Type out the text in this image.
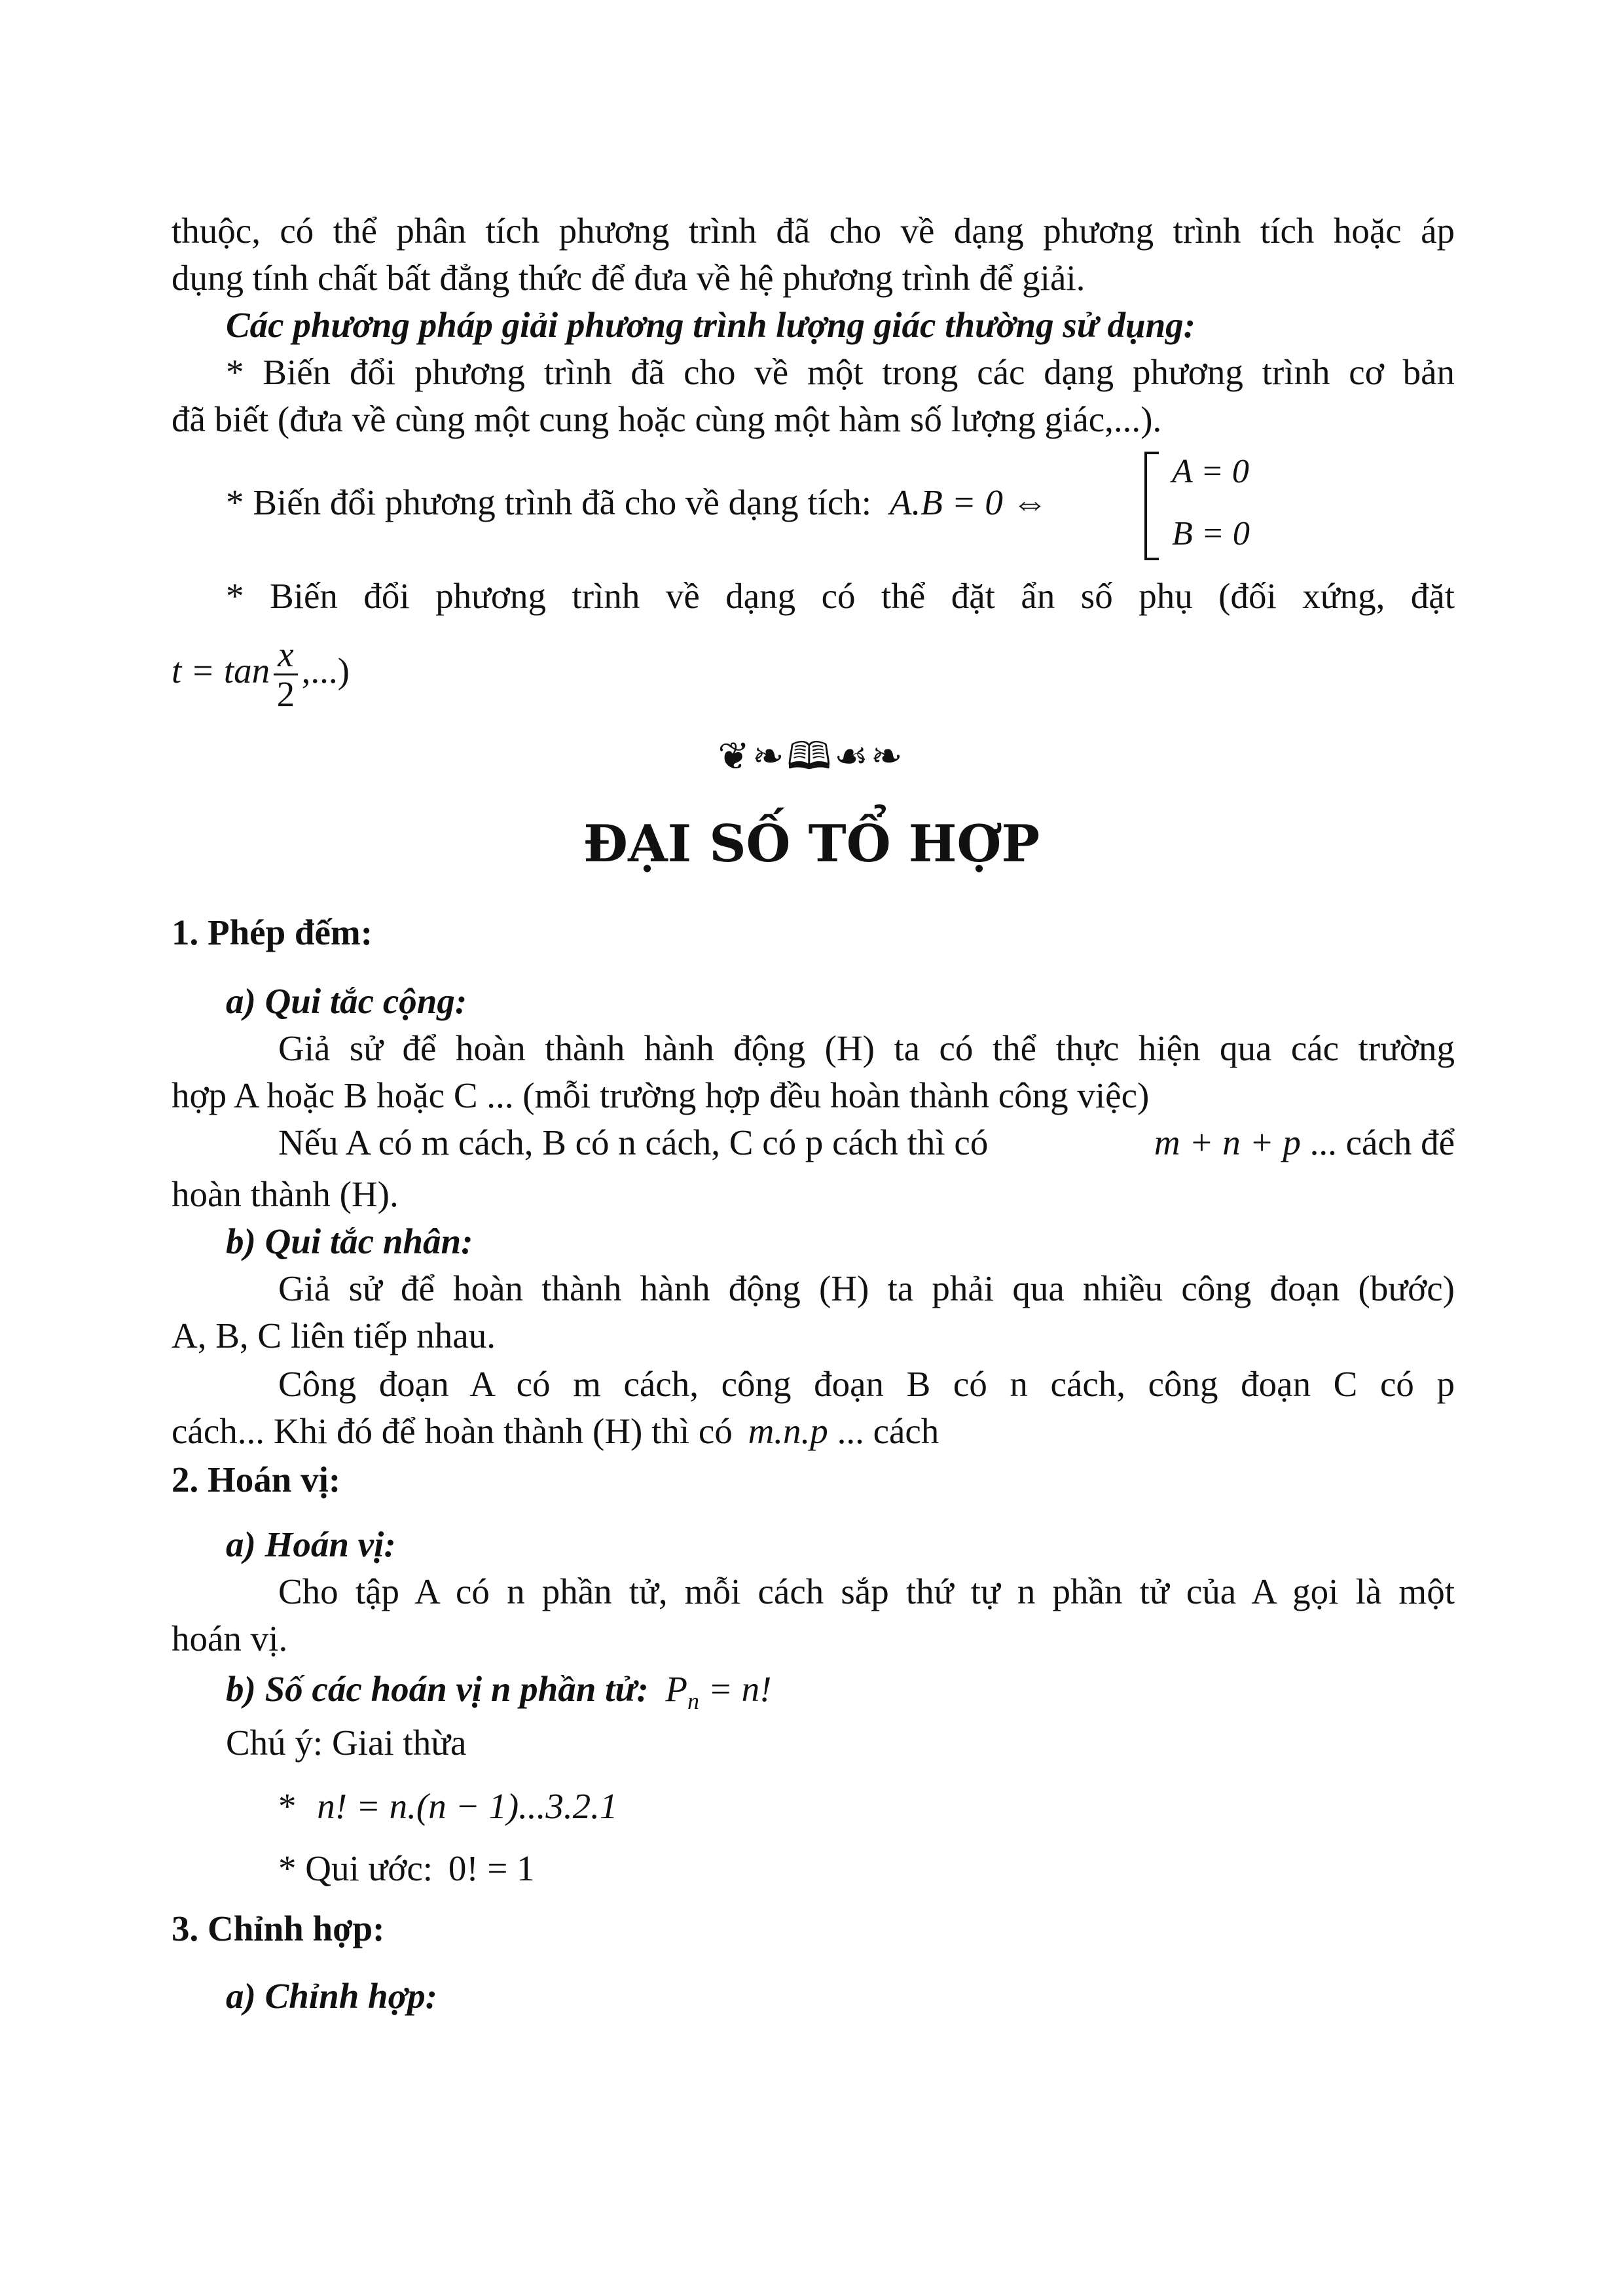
thuộc, có thể phân tích phương trình đã cho về dạng phương trình tích hoặc áp
dụng tính chất bất đẳng thức để đưa về hệ phương trình để giải.
Các phương pháp giải phương trình lượng giác thường sử dụng:
* Biến đổi phương trình đã cho về một trong các dạng phương trình cơ bản
đã biết (đưa về cùng một cung hoặc cùng một hàm số lượng giác,...).
* Biến đổi phương trình đã cho về dạng tích: A.B = 0 ⇔
A = 0
B = 0
* Biến đổi phương trình về dạng có thể đặt ẩn số phụ (đối xứng, đặt
$t = \tan \frac{x}{2}$ ,...)
❦❧🕮☙❧
ĐẠI SỐ TỔ HỢP
1. Phép đếm:
a) Qui tắc cộng:
Giả sử để hoàn thành hành động (H) ta có thể thực hiện qua các trường
hợp A hoặc B hoặc C ... (mỗi trường hợp đều hoàn thành công việc)
Nếu A có m cách, B có n cách, C có p cách thì có	m + n + p ... cách để
hoàn thành (H).
b) Qui tắc nhân:
Giả sử để hoàn thành hành động (H) ta phải qua nhiều công đoạn (bước)
A, B, C liên tiếp nhau.
Công đoạn A có m cách, công đoạn B có n cách, công đoạn C có p
cách... Khi đó để hoàn thành (H) thì có m.n.p ... cách
2. Hoán vị:
a) Hoán vị:
Cho tập A có n phần tử, mỗi cách sắp thứ tự n phần tử của A gọi là một
hoán vị.
b) Số các hoán vị n phần tử: $P_n = n$!
Chú ý: Giai thừa
* n! = n.(n − 1)...3.2.1
* Qui ước: 0! = 1
3. Chỉnh hợp:
a) Chỉnh hợp:
